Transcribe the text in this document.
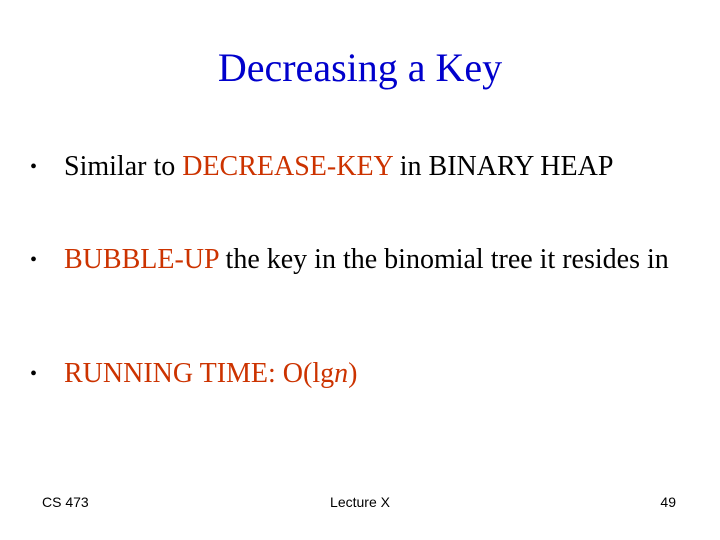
Decreasing a Key
• Similar to DECREASE-KEY in BINARY HEAP
• BUBBLE-UP the key in the binomial tree it resides in
• RUNNING TIME: O(lgn)
CS 473	Lecture X	49
